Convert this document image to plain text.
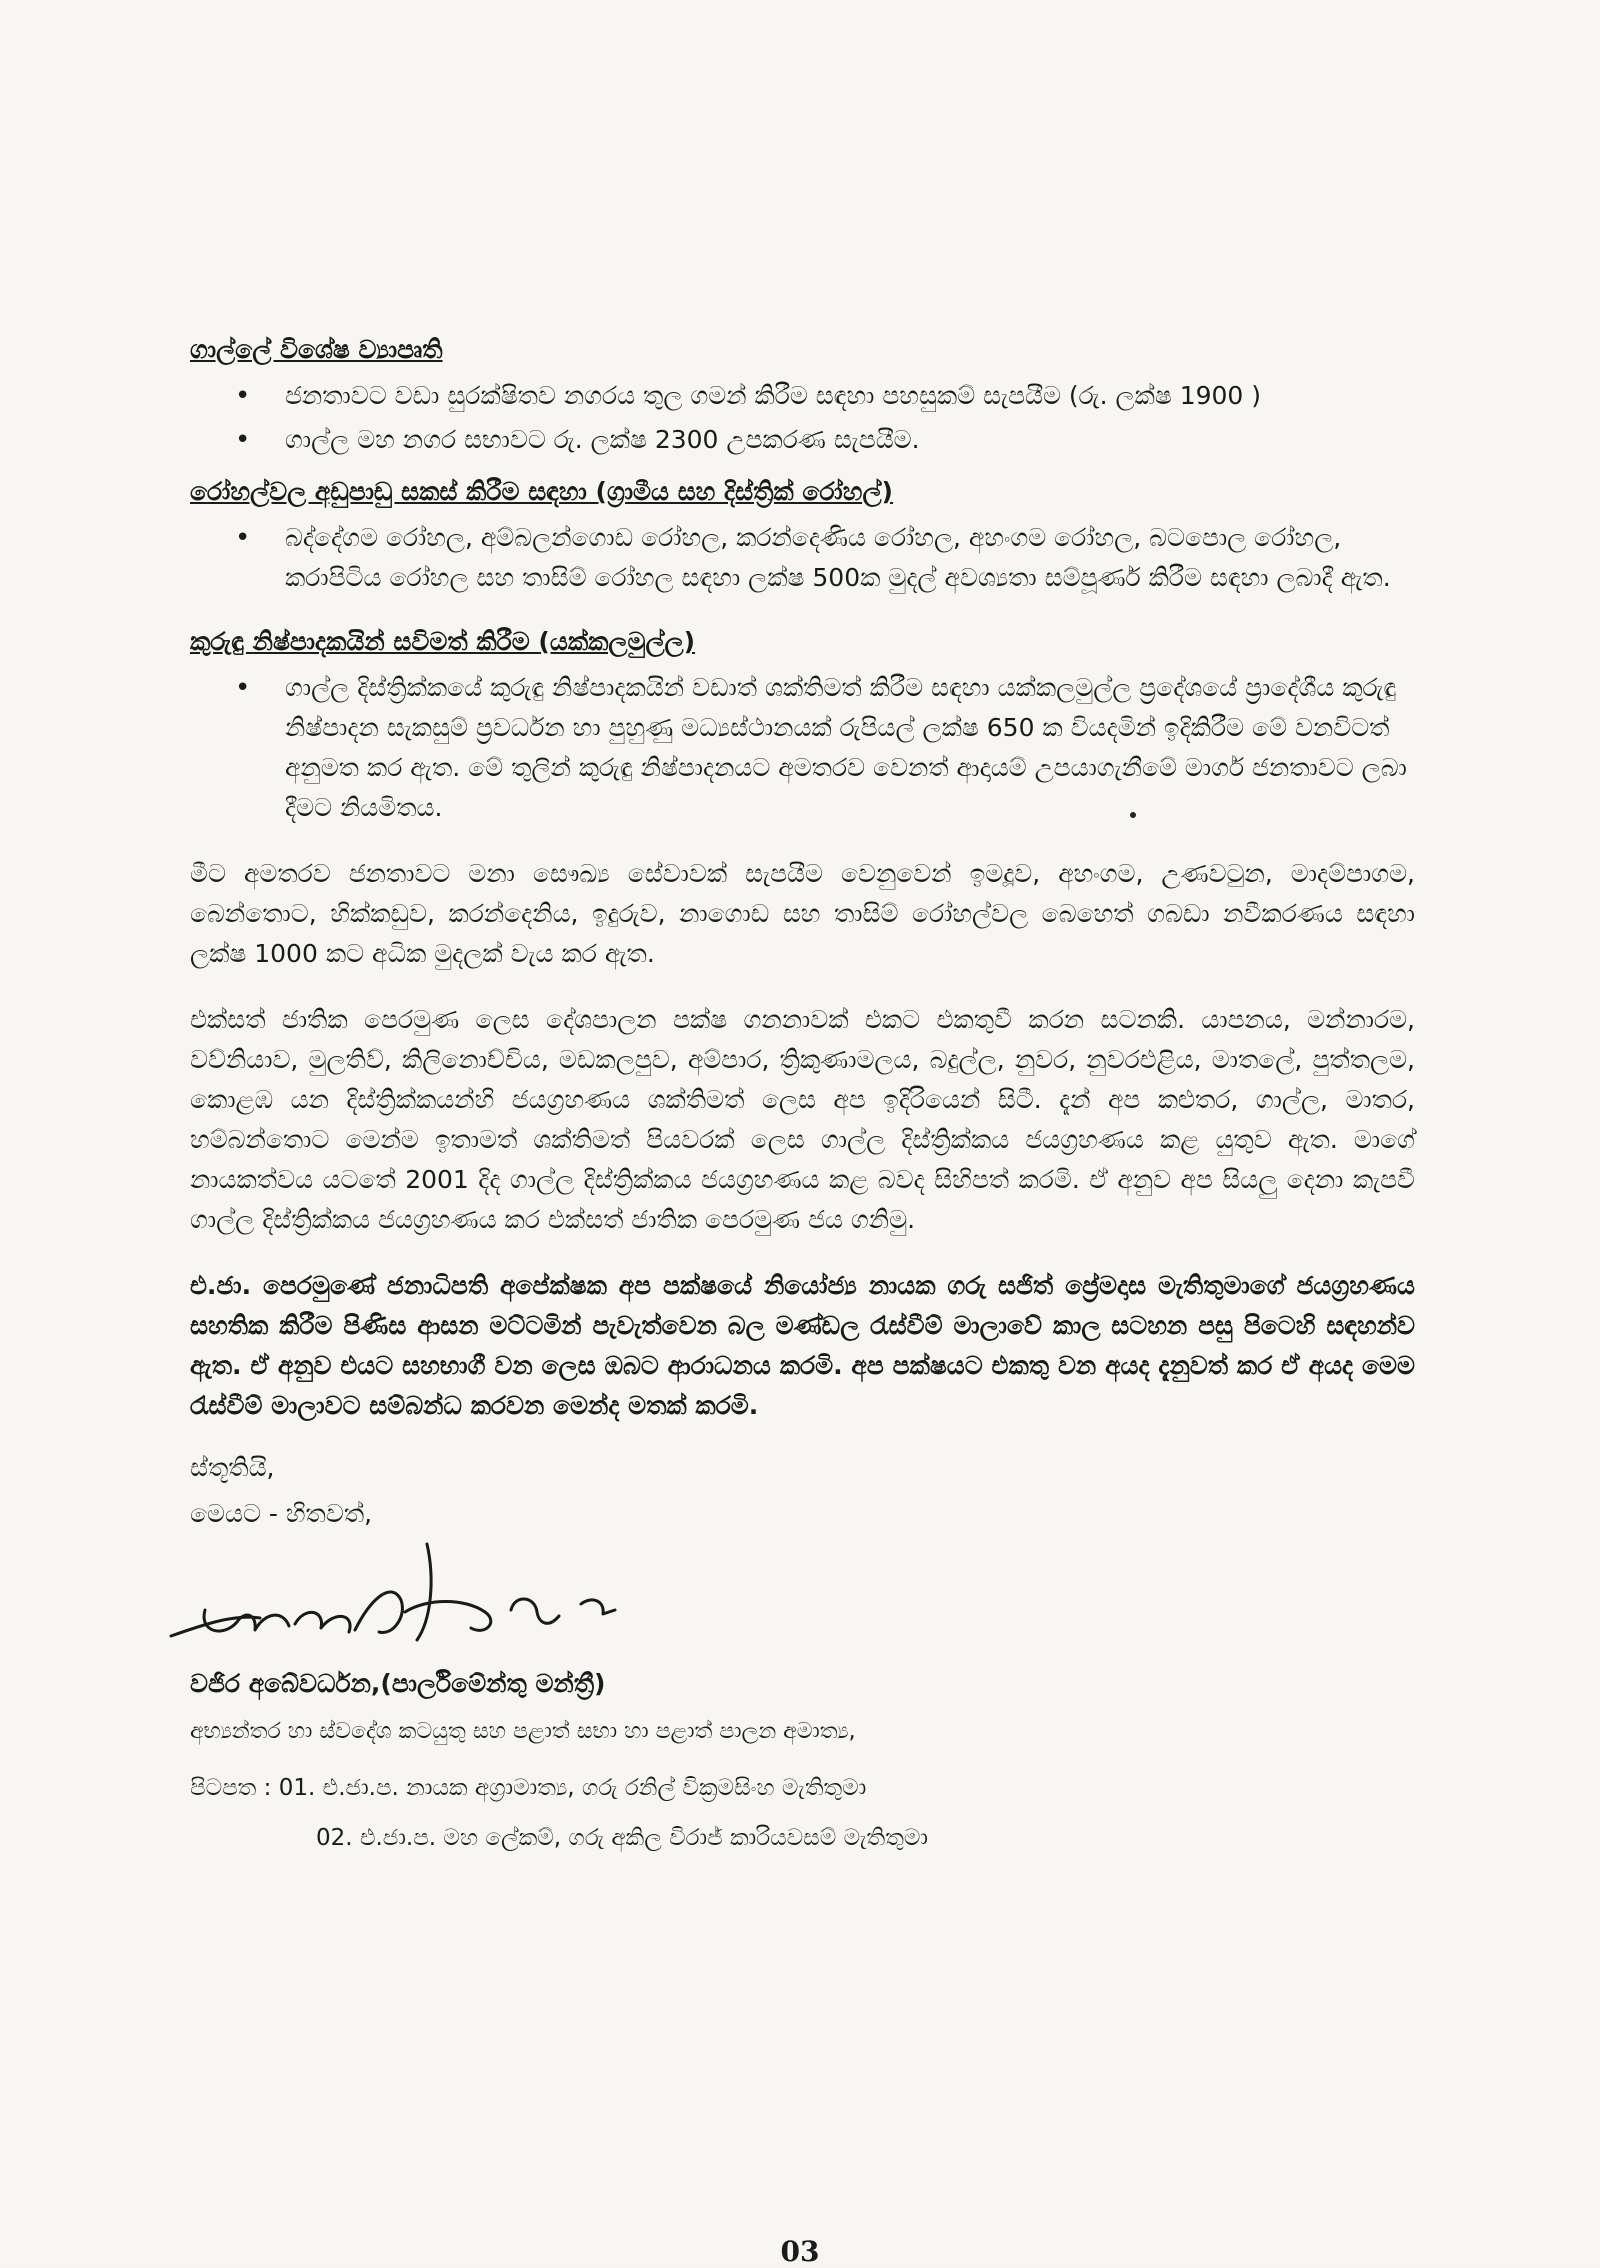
ගාල්ලේ විශේෂ ව්‍යාපෘති
• ජනතාවට වඩා සුරක්ෂිතව නගරය තුල ගමන් කිරීම සඳහා පහසුකම් සැපයීම (රු. ලක්ෂ 1900 )
• ගාල්ල මහ නගර සභාවට රු. ලක්ෂ 2300 උපකරණ සැපයීම.
රෝහල්වල අඩුපාඩු සකස් කිරීම සඳහා (ග්‍රාමීය සහ දිස්ත්‍රික් රෝහල්)
• බද්දේගම රෝහල, අම්බලන්ගොඩ රෝහල, කරන්දෙණිය රෝහල, අහංගම රෝහල, බටපොල රෝහල, කරාපිටිය රෝහල සහ තාසිම් රෝහල සඳහා ලක්ෂ 500ක මුදල් අවශ්‍යතා සම්පූර්ණ කිරීම සඳහා ලබාදී ඇත.
කුරුඳු නිෂ්පාදකයින් සවිමත් කිරීම (යක්කලමුල්ල)
• ගාල්ල දිස්ත්‍රික්කයේ කුරුඳු නිෂ්පාදකයින් වඩාත් ශක්තිමත් කිරීම සඳහා යක්කලමුල්ල ප්‍රදේශයේ ප්‍රාදේශීය කුරුඳු නිෂ්පාදන සැකසුම් ප්‍රවර්ධන හා පුහුණු මධ්‍යස්ථානයක් රුපියල් ලක්ෂ 650 ක වියදමින් ඉදිකිරීම මේ වනවිටත් අනුමත කර ඇත. මේ තුලින් කුරුඳු නිෂ්පාදනයට අමතරව වෙනත් ආදායම් උපයාගැනීමේ මාර්ග ජනතාවට ලබා දීමට නියමිතය.

මීට අමතරව ජනතාවට මනා සෞඛ්‍ය සේවාවක් සැපයීම වෙනුවෙන් ඉමදූව, අහංගම, උණවටුන, මාදම්පාගම, බෙන්තොට, හික්කඩුව, කරන්දෙනිය, ඉදුරුව, නාගොඩ සහ තාසිම් රෝහල්වල බෙහෙත් ගබඩා නවීකරණය සඳහා ලක්ෂ 1000 කට අධික මුදලක් වැය කර ඇත.

එක්සත් ජාතික පෙරමුණ ලෙස දේශපාලන පක්ෂ ගනනාවක් එකට එකතුවී කරන සටනකි. යාපනය, මන්නාරම, වව්නියාව, මුලතිව්, කිලිනොච්චිය, මඩකලපුව, අම්පාර, ත්‍රිකුණාමලය, බදුල්ල, නුවර, නුවරඑළිය, මාතලේ, පුත්තලම, කොළඹ යන දිස්ත්‍රික්කයන්හි ජයග්‍රහණය ශක්තිමත් ලෙස අප ඉදිරියෙන් සිටී. දැන් අප කළුතර, ගාල්ල, මාතර, හම්බන්තොට මෙන්ම ඉතාමත් ශක්තිමත් පියවරක් ලෙස ගාල්ල දිස්ත්‍රික්කය ජයග්‍රහණය කළ යුතුව ඇත. මාගේ නායකත්වය යටතේ 2001 දිද ගාල්ල දිස්ත්‍රික්කය ජයග්‍රහණය කළ බවද සිහිපත් කරමි. ඒ අනුව අප සියලු දෙනා කැපවී ගාල්ල දිස්ත්‍රික්කය ජයග්‍රහණය කර එක්සත් ජාතික පෙරමුණ ජය ගනිමු.

එ.ජා. පෙරමුණේ ජනාධිපති අපේක්ෂක අප පක්ෂයේ නියෝජ්‍ය නායක ගරු සජිත් ප්‍රේමදාස මැතිතුමාගේ ජයග්‍රහණය සහතික කිරීම පිණිස ආසන මට්ටමින් පැවැත්වෙන බල මණ්ඩල රැස්වීම් මාලාවේ කාල සටහන පසු පිටෙහි සඳහන්ව ඇත. ඒ අනුව එයට සහභාගී වන ලෙස ඔබට ආරාධනය කරමි. අප පක්ෂයට එකතු වන අයද දැනුවත් කර ඒ අයද මෙම රැස්වීම් මාලාවට සම්බන්ධ කරවන මෙන්ද මතක් කරමි.

ස්තූතියි,
මෙයට - හිතවත්,
වජිර අබේවර්ධන,(පාර්ලිමේන්තු මන්ත්‍රී)
අභ්‍යන්තර හා ස්වදේශ කටයුතු සහ පළාත් සභා හා පළාත් පාලන අමාත්‍ය,
පිටපත : 01. එ.ජා.ප. නායක අග්‍රාමාත්‍ය, ගරු රනිල් වික්‍රමසිංහ මැතිතුමා
02. එ.ජා.ප. මහ ලේකම්, ගරු අකිල විරාජ් කාරියවසම් මැතිතුමා
03
